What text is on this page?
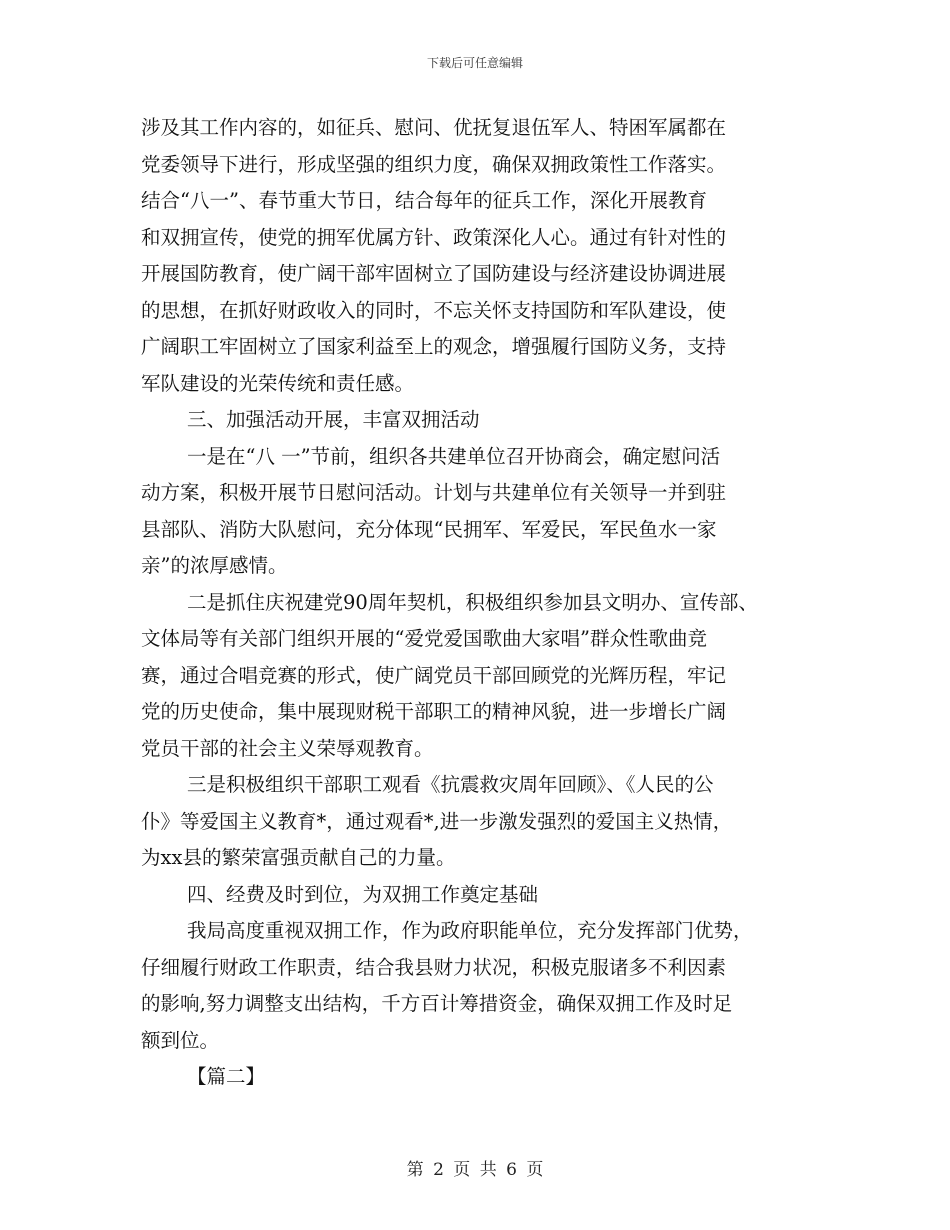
下载后可任意编辑
涉及其工作内容的，如征兵、慰问、优抚复退伍军人、特困军属都在
党委领导下进行，形成坚强的组织力度，确保双拥政策性工作落实。
结合“八一”、春节重大节日，结合每年的征兵工作，深化开展教育
和双拥宣传，使党的拥军优属方针、政策深化人心。通过有针对性的
开展国防教育，使广阔干部牢固树立了国防建设与经济建设协调进展
的思想，在抓好财政收入的同时，不忘关怀支持国防和军队建设，使
广阔职工牢固树立了国家利益至上的观念，增强履行国防义务，支持
军队建设的光荣传统和责任感。
三、加强活动开展，丰富双拥活动
一是在“八 一”节前，组织各共建单位召开协商会，确定慰问活
动方案，积极开展节日慰问活动。计划与共建单位有关领导一并到驻
县部队、消防大队慰问，充分体现“民拥军、军爱民，军民鱼水一家
亲”的浓厚感情。
二是抓住庆祝建党90周年契机，积极组织参加县文明办、宣传部、
文体局等有关部门组织开展的“爱党爱国歌曲大家唱”群众性歌曲竞
赛，通过合唱竞赛的形式，使广阔党员干部回顾党的光辉历程，牢记
党的历史使命，集中展现财税干部职工的精神风貌，进一步增长广阔
党员干部的社会主义荣辱观教育。
三是积极组织干部职工观看《抗震救灾周年回顾》、《人民的公
仆》等爱国主义教育*，通过观看*,进一步激发强烈的爱国主义热情，
为xx县的繁荣富强贡献自己的力量。
四、经费及时到位，为双拥工作奠定基础
我局高度重视双拥工作，作为政府职能单位，充分发挥部门优势，
仔细履行财政工作职责，结合我县财力状况，积极克服诸多不利因素
的影响,努力调整支出结构，千方百计筹措资金，确保双拥工作及时足
额到位。
【篇二】
第 2 页 共 6 页
